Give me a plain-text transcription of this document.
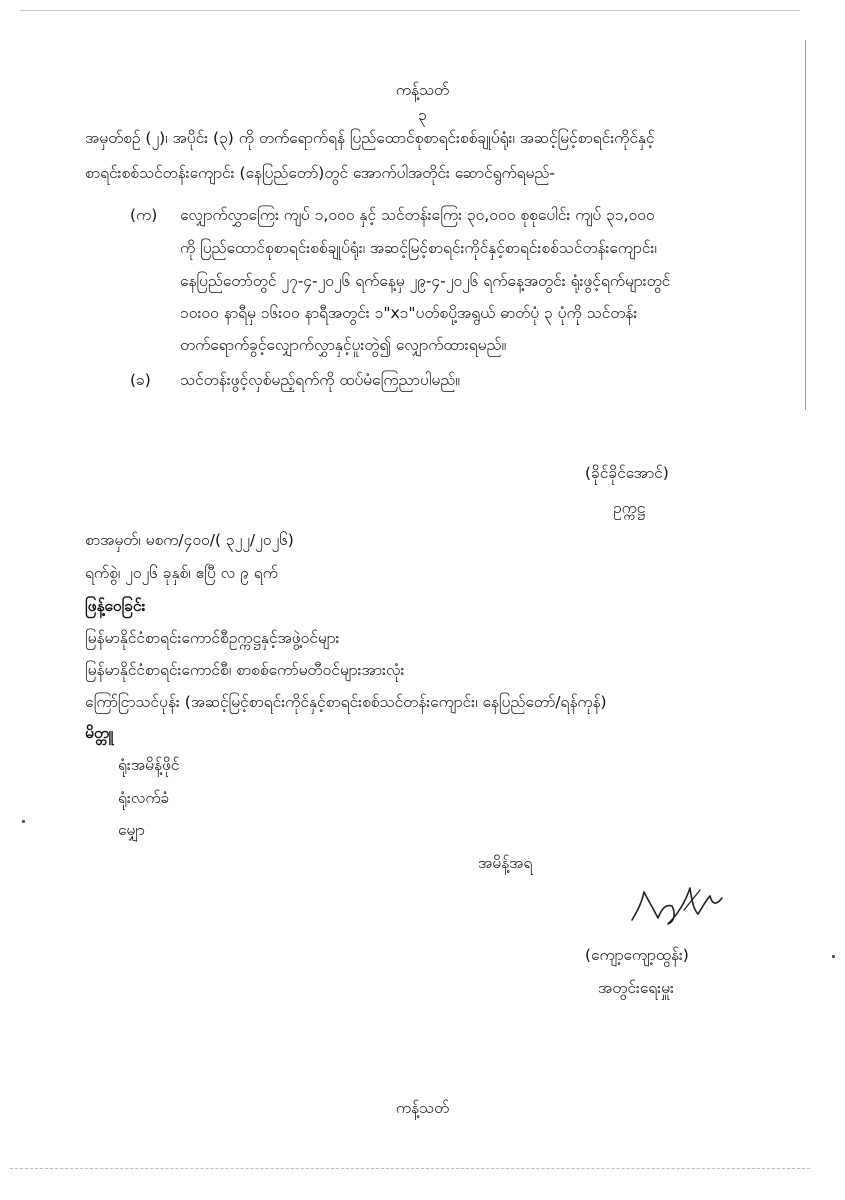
ကန့်သတ်
၃
အမှတ်စဉ် (၂)၊ အပိုင်း (၃) ကို တက်ရောက်ရန် ပြည်ထောင်စုစာရင်းစစ်ချုပ်ရုံး၊ အဆင့်မြင့်စာရင်းကိုင်နှင့်
စာရင်းစစ်သင်တန်းကျောင်း (နေပြည်တော်)တွင် အောက်ပါအတိုင်း ဆောင်ရွက်ရမည်-
(က) လျှောက်လွှာကြေး ကျပ် ၁,၀၀၀ နှင့် သင်တန်းကြေး ၃၀,၀၀၀ စုစုပေါင်း ကျပ် ၃၁,၀၀၀
ကို ပြည်ထောင်စုစာရင်းစစ်ချုပ်ရုံး၊ အဆင့်မြင့်စာရင်းကိုင်နှင့်စာရင်းစစ်သင်တန်းကျောင်း၊
နေပြည်တော်တွင် ၂၇-၄-၂၀၂၆ ရက်နေ့မှ ၂၉-၄-၂၀၂၆ ရက်နေ့အတွင်း ရုံးဖွင့်ရက်များတွင်
၁၀း၀၀ နာရီမှ ၁၆း၀၀ နာရီအတွင်း ၁"x၁"ပတ်စပို့အရွယ် ဓာတ်ပုံ ၃ ပုံကို သင်တန်း
တက်ရောက်ခွင့်လျှောက်လွှာနှင့်ပူးတွဲ၍ လျှောက်ထားရမည်။
(ခ) သင်တန်းဖွင့်လှစ်မည့်ရက်ကို ထပ်မံကြေညာပါမည်။
(ခိုင်ခိုင်အောင်)
ဥက္ကဋ္ဌ
စာအမှတ်၊ မစက/၄၀၀/( ၃၂၂/၂၀၂၆)
ရက်စွဲ၊ ၂၀၂၆ ခုနှစ်၊ ဧပြီ လ ၉ ရက်
ဖြန့်ဝေခြင်း
မြန်မာနိုင်ငံစာရင်းကောင်စီဥက္ကဋ္ဌနှင့်အဖွဲ့ဝင်များ
မြန်မာနိုင်ငံစာရင်းကောင်စီ၊ စာစစ်ကော်မတီဝင်များအားလုံး
ကြော်ငြာသင်ပုန်း (အဆင့်မြင့်စာရင်းကိုင်နှင့်စာရင်းစစ်သင်တန်းကျောင်း၊ နေပြည်တော်/ရန်ကုန်)
မိတ္တူ
ရုံးအမိန့်ဖိုင်
ရုံးလက်ခံ
မျှော
အမိန့်အရ
(ကျော့ကျော့ထွန်း)
အတွင်းရေးမှူး
ကန့်သတ်
